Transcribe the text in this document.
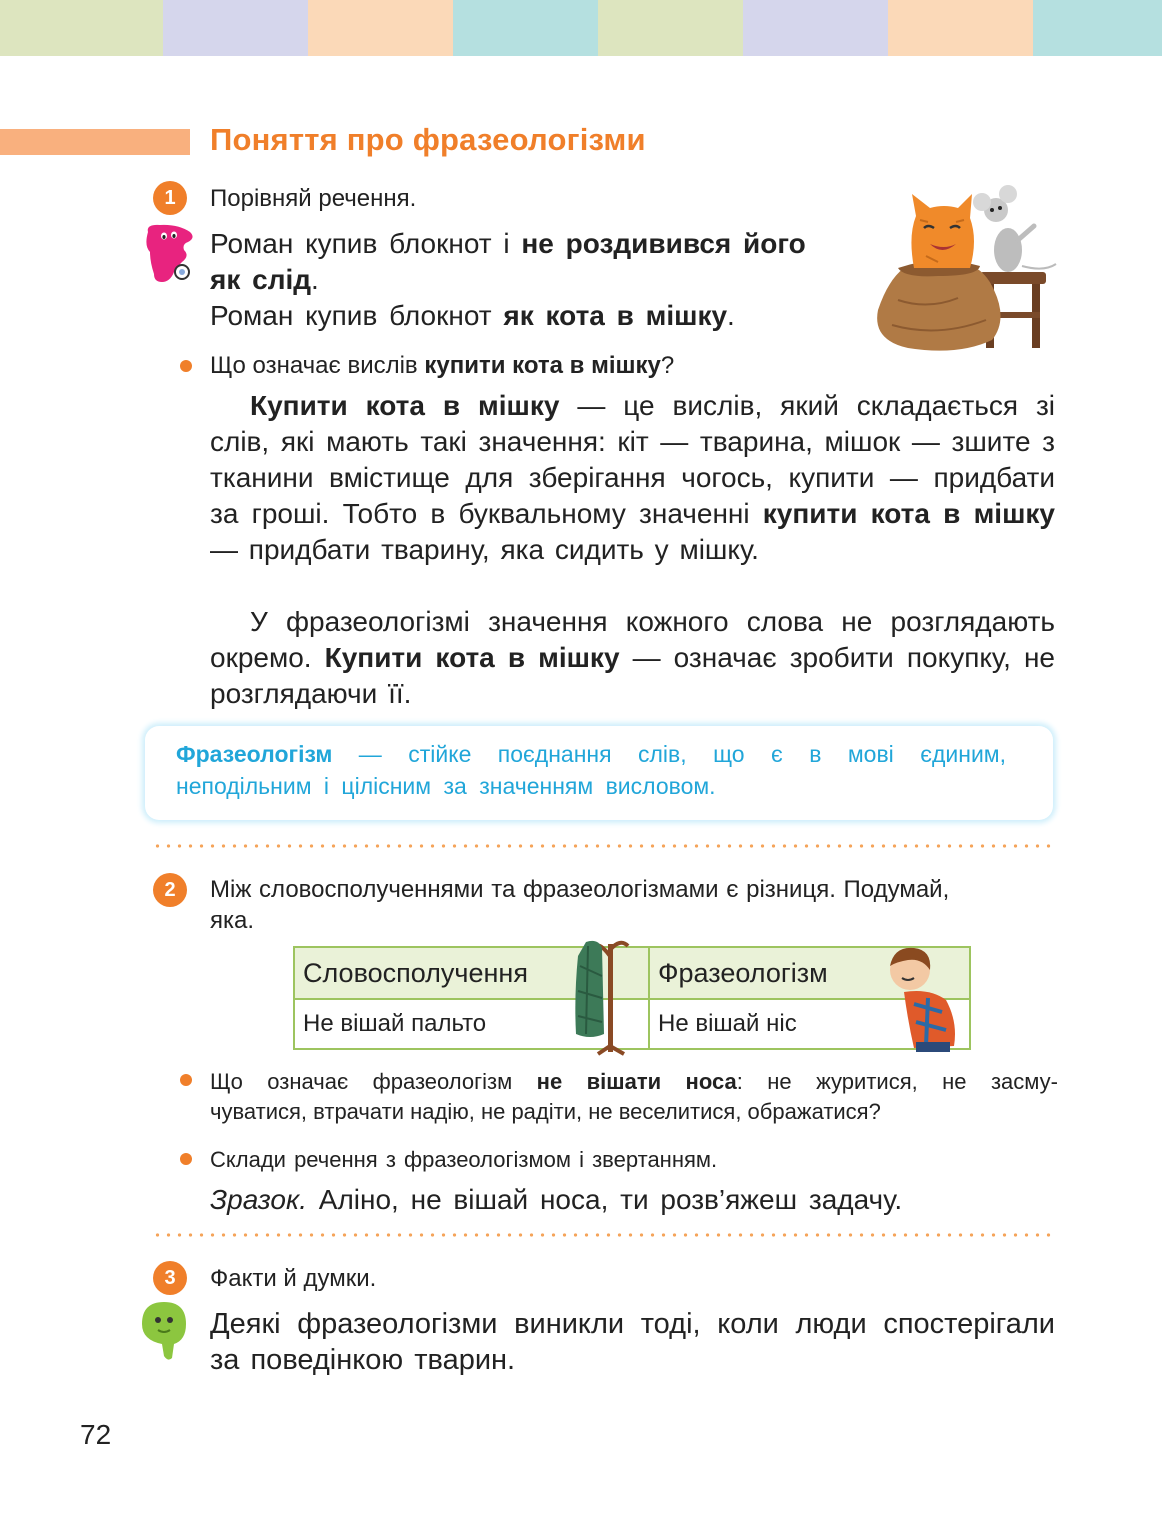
Поняття про фразеологізми
1	Порівняй речення.
Роман купив блокнот і не роздивився його
як слід.
Роман купив блокнот як кота в мішку.
Що означає вислів купити кота в мішку?
Купити кота в мішку — це вислів, який складається зі слів, які мають такі значення: кіт — тварина, мішок — зшите з тканини вмістище для зберігання чогось, купити — придбати за гроші. Тобто в буквальному значенні купити кота в мішку — придбати тварину, яка сидить у мішку.
У фразеологізмі значення кожного слова не розглядають окремо. Купити кота в мішку — означає зробити покупку, не розглядаючи її.
Фразеологізм — стійке поєднання слів, що є в мові єдиним, неподільним і цілісним за значенням висловом.
2	Між словосполученнями та фразеологізмами є різниця. Подумай,
яка.
Словосполучення	Фразеологізм
Не вішай пальто	Не вішай ніс
Що означає фразеологізм не вішати носа: не журитися, не засму-
чуватися, втрачати надію, не радіти, не веселитися, ображатися?
Склади речення з фразеологізмом і звертанням.
Зразок. Аліно, не вішай носа, ти розв’яжеш задачу.
3	Факти й думки.
Деякі фразеологізми виникли тоді, коли люди спостерігали за поведінкою тварин.
72
